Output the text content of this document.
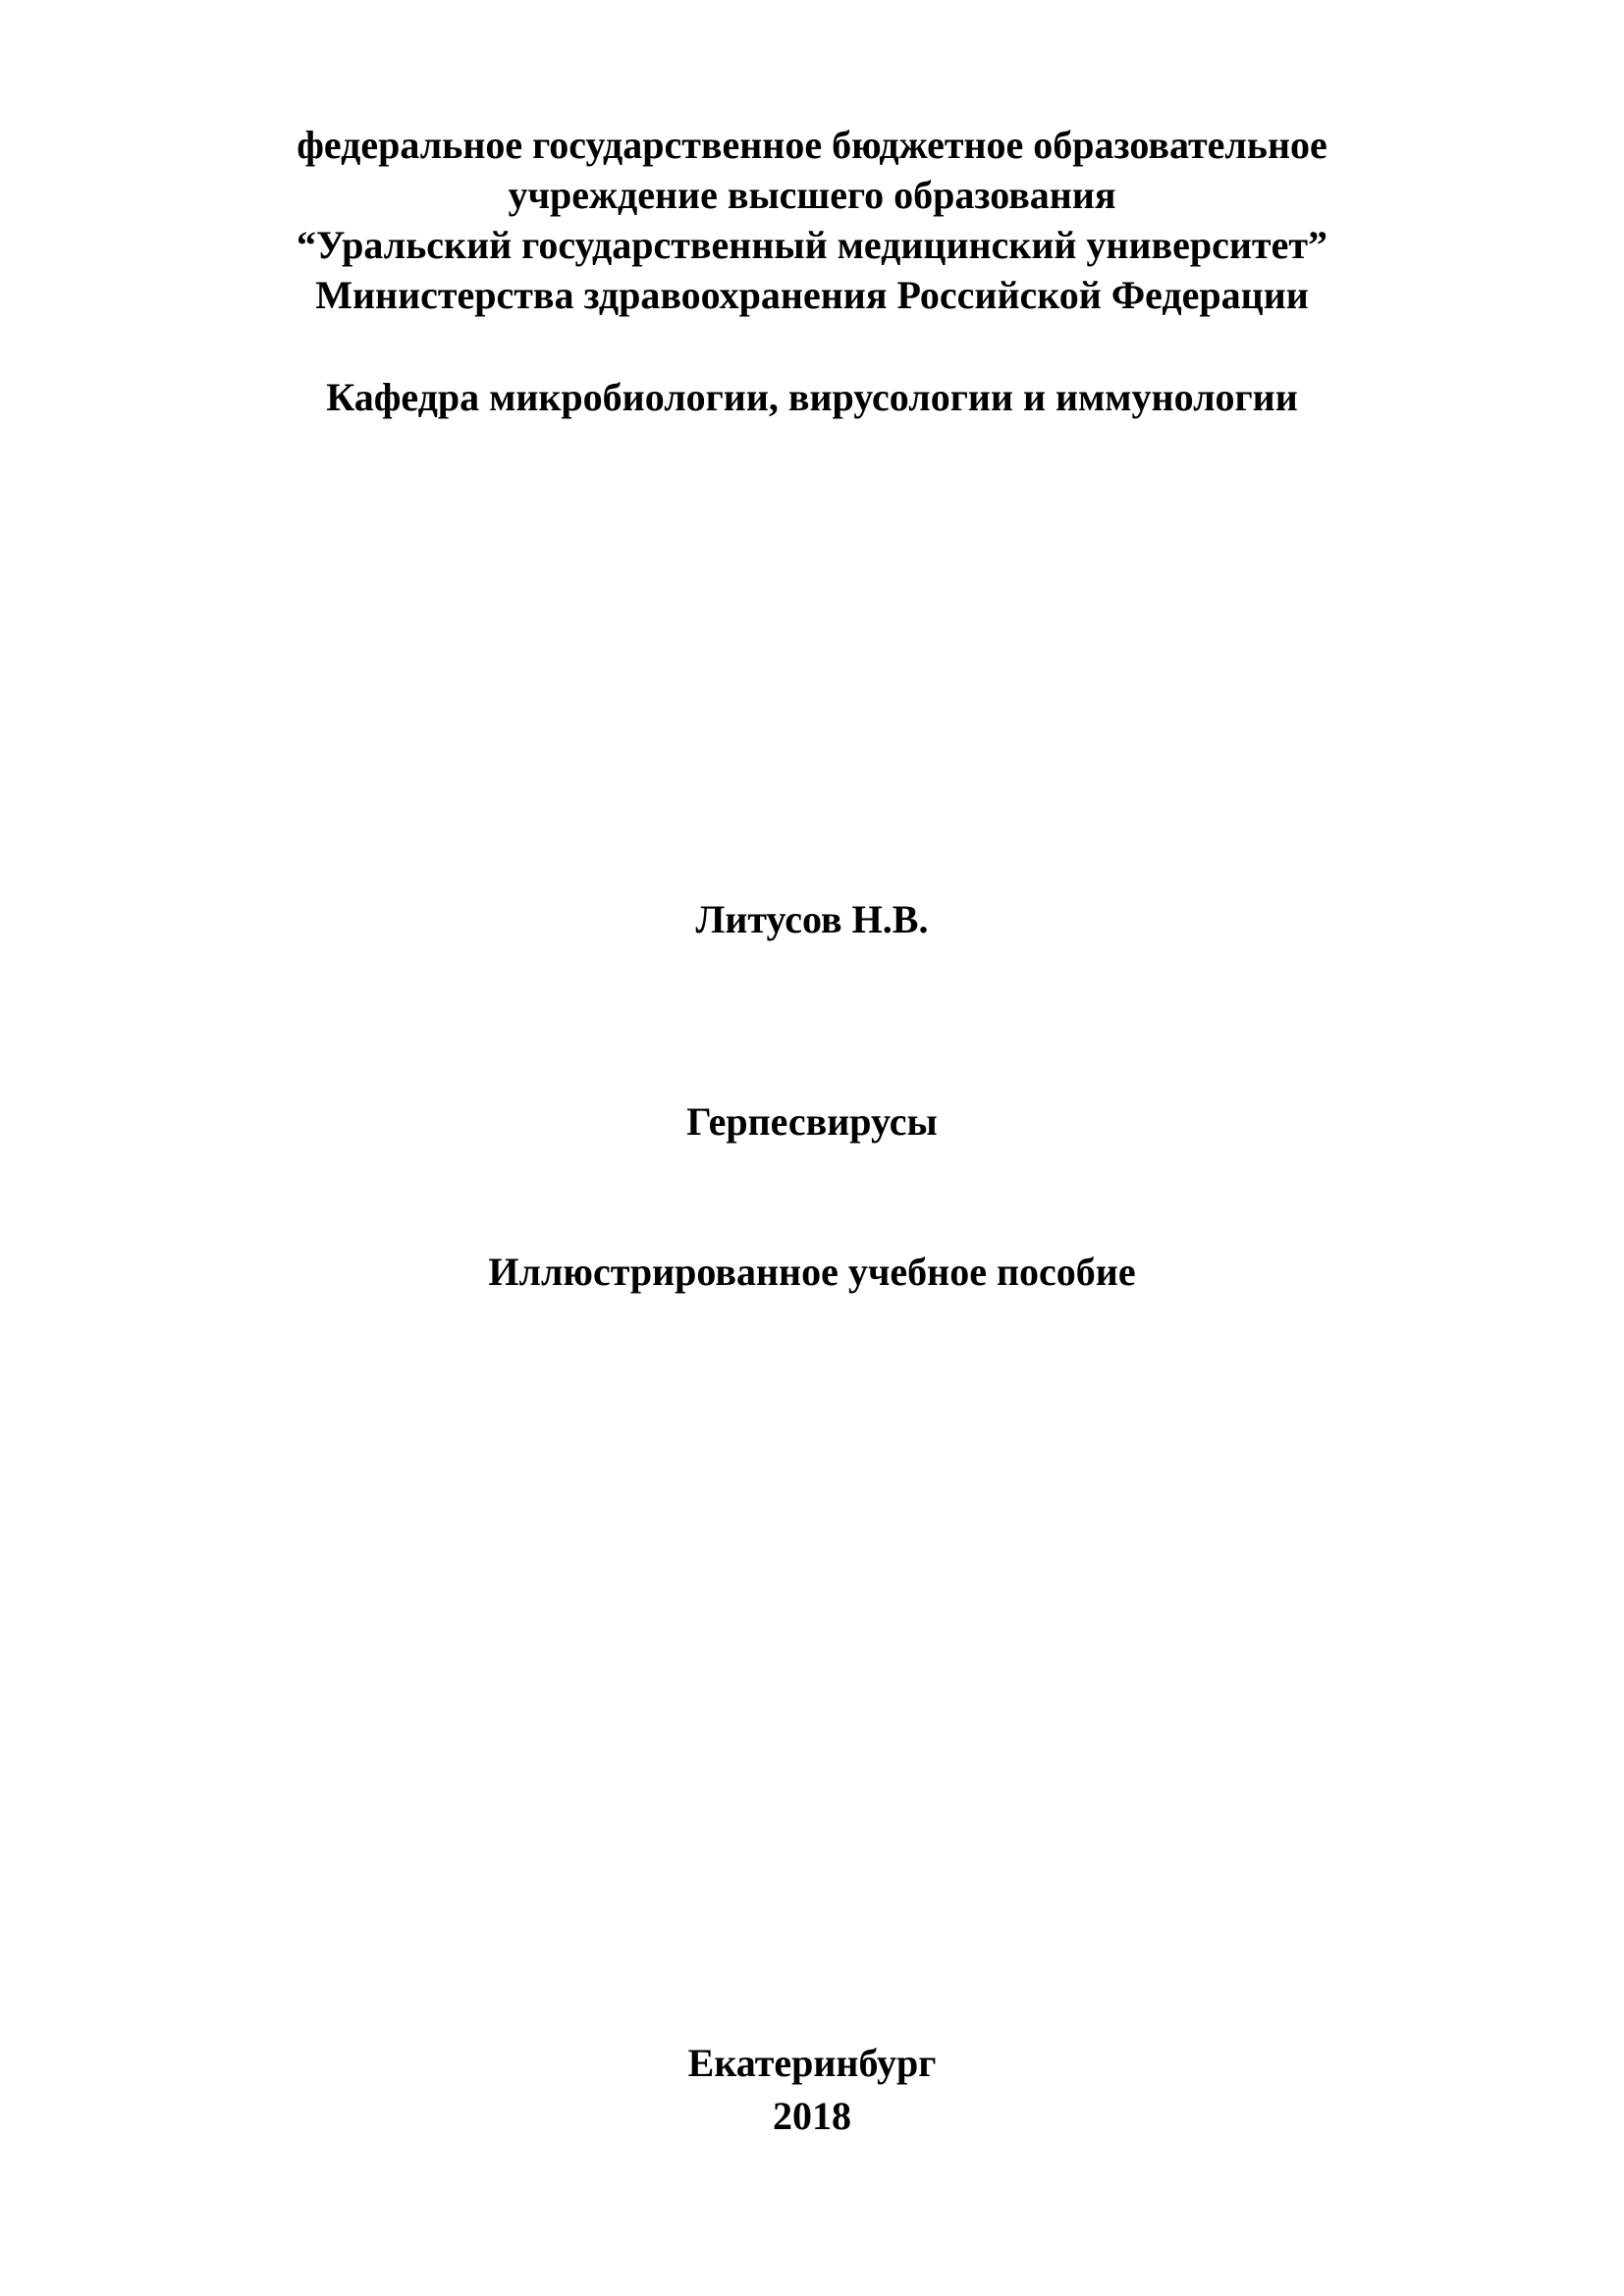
федеральное государственное бюджетное образовательное
учреждение высшего образования
“Уральский государственный медицинский университет”
Министерства здравоохранения Российской Федерации
Кафедра микробиологии, вирусологии и иммунологии
Литусов Н.В.
Герпесвирусы
Иллюстрированное учебное пособие
Екатеринбург
2018
